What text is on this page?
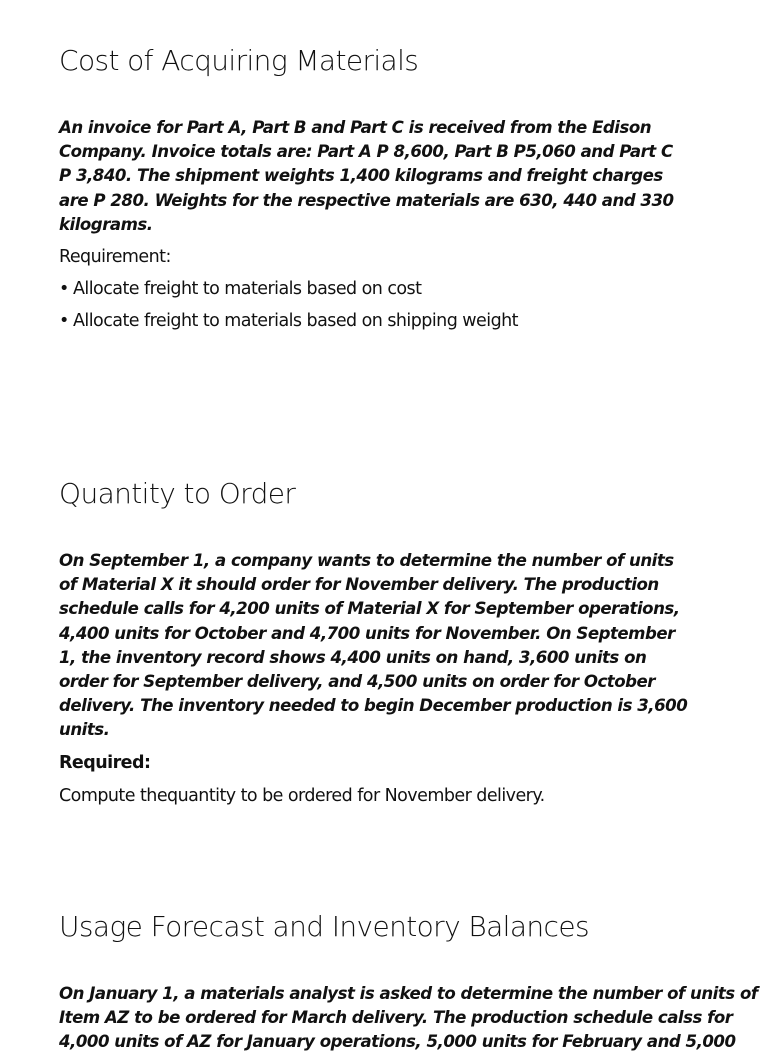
Cost of Acquiring Materials
An invoice for Part A, Part B and Part C is received from the Edison
Company. Invoice totals are: Part A P 8,600, Part B P5,060 and Part C
P 3,840. The shipment weights 1,400 kilograms and freight charges
are P 280. Weights for the respective materials are 630, 440 and 330
kilograms.

Requirement:

• Allocate freight to materials based on cost
• Allocate freight to materials based on shipping weight
Quantity to Order
On September 1, a company wants to determine the number of units
of Material X it should order for November delivery. The production
schedule calls for 4,200 units of Material X for September operations,
4,400 units for October and 4,700 units for November. On September
1, the inventory record shows 4,400 units on hand, 3,600 units on
order for September delivery, and 4,500 units on order for October
delivery. The inventory needed to begin December production is 3,600
units.

Required:

Compute thequantity to be ordered for November delivery.

Usage Forecast and Inventory Balances
On January 1, a materials analyst is asked to determine the number of units of
Item AZ to be ordered for March delivery. The production schedule calss for
4,000 units of AZ for January operations, 5,000 units for February and 5,000
